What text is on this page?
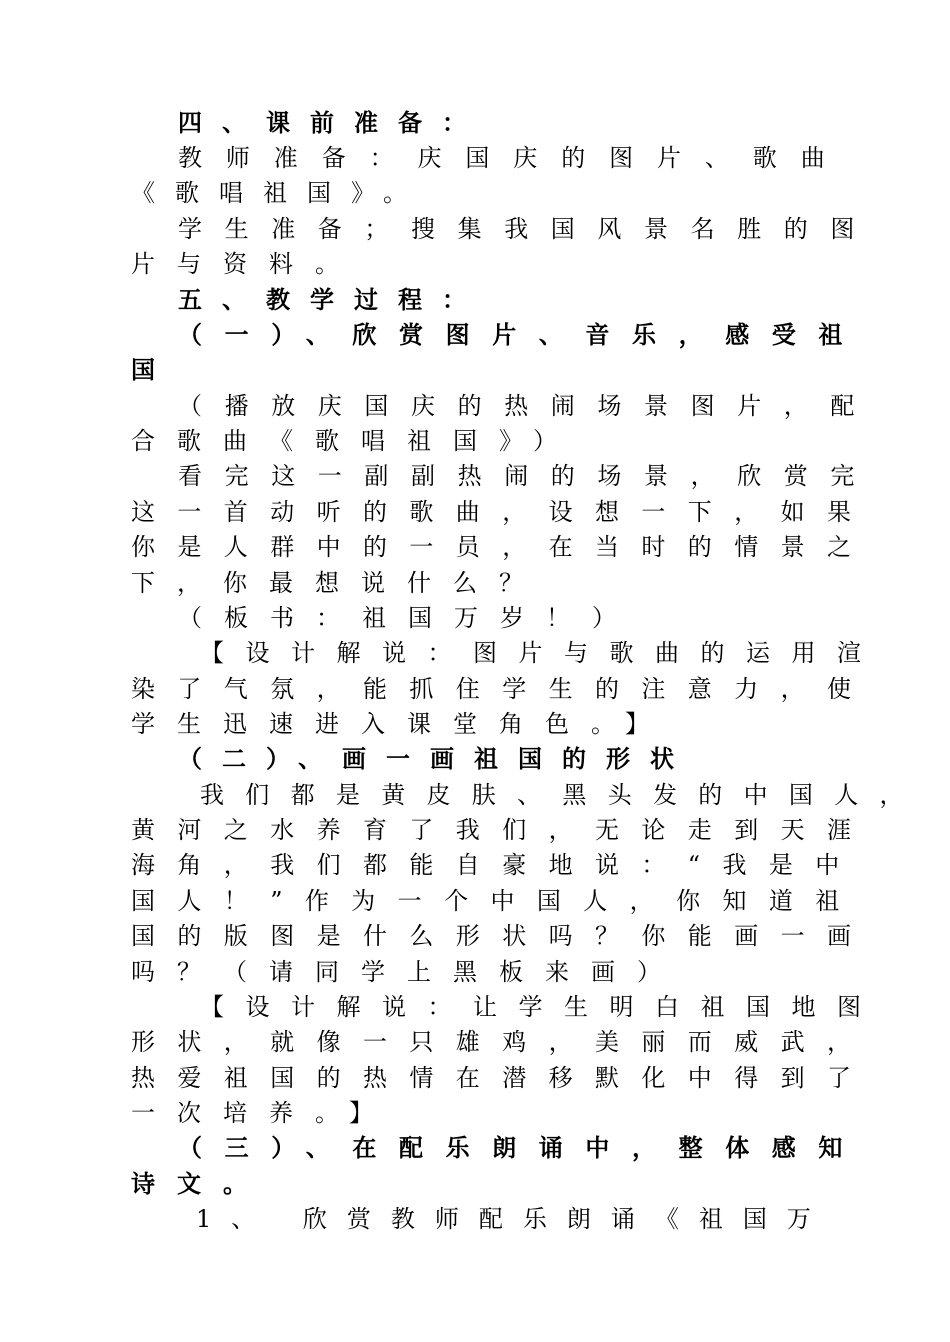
四、课前准备：
教师准备：庆国庆的图片、歌曲
《歌唱祖国》。
学生准备；搜集我国风景名胜的图
片与资料。
五、教学过程：
（一）、欣赏图片、音乐，感受祖
国
（播放庆国庆的热闹场景图片，配
合歌曲《歌唱祖国》）
看完这一副副热闹的场景，欣赏完
这一首动听的歌曲，设想一下，如果
你是人群中的一员，在当时的情景之
下，你最想说什么？
（板书：祖国万岁！）
【设计解说：图片与歌曲的运用渲
染了气氛，能抓住学生的注意力，使
学生迅速进入课堂角色。】
（二）、画一画祖国的形状
我们都是黄皮肤、黑头发的中国人，
黄河之水养育了我们，无论走到天涯
海角，我们都能自豪地说：“我是中
国人！”作为一个中国人，你知道祖
国的版图是什么形状吗？你能画一画
吗？（请同学上黑板来画）
【设计解说：让学生明白祖国地图
形状，就像一只雄鸡，美丽而威武，
热爱祖国的热情在潜移默化中得到了
一次培养。】
（三）、在配乐朗诵中，整体感知
诗文。
1、 欣赏教师配乐朗诵《祖国万
